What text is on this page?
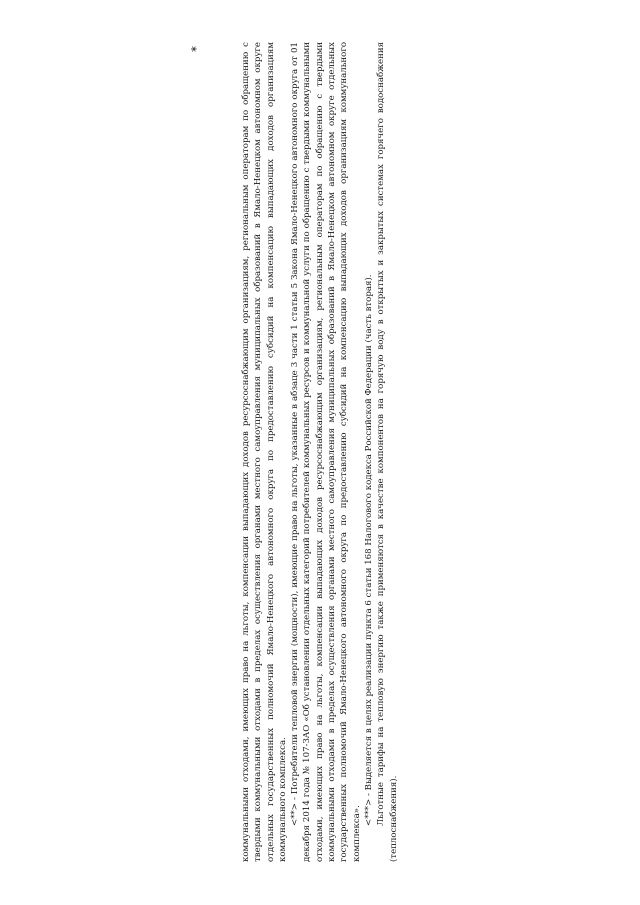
коммунальными отходами, имеющих право на льготы, компенсации выпадающих доходов ресурсоснабжающим организациям, региональным операторам по обращению с твердыми коммунальными отходами в пределах осуществления органами местного самоуправления муниципальных образований в Ямало-Ненецком автономном округе отдельных государственных полномочий Ямало-Ненецкого автономного округа по предоставлению субсидий на компенсацию выпадающих доходов организациям коммунального комплекса. <**> - Потребители тепловой энергии (мощности), имеющие право на льготы, указанные в абзаце 3 части 1 статьи 5 Закона Ямало-Ненецкого автономного округа от 01 декабря 2014 года № 107-ЗАО «Об установлении отдельных категорий потребителей коммунальных ресурсов и коммунальной услуги по обращению с твердыми коммунальными отходами, имеющих право на льготы, компенсации выпадающих доходов ресурсоснабжающим организациям, региональным операторам по обращению с твердыми коммунальными отходами в пределах осуществления органами местного самоуправления муниципальных образований в Ямало-Ненецком автономном округе отдельных государственных полномочий Ямало-Ненецкого автономного округа по предоставлению субсидий на компенсацию выпадающих доходов организациям коммунального комплекса».

<***> - Выделяется в целях реализации пункта 6 статьи 168 Налогового кодекса Российской Федерации (часть вторая). Льготные тарифы на тепловую энергию также применяются в качестве компонентов на горячую воду в открытых и закрытых системах горячего водоснабжения (теплоснабжения).

*
